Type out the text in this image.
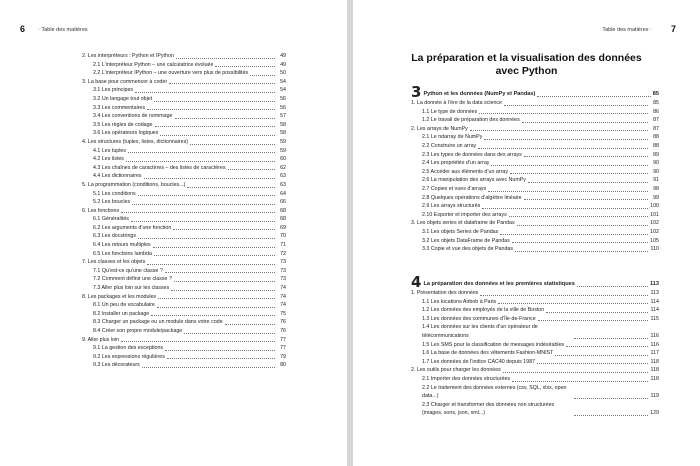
6 ◦ Table des matières
2. Les interpréteurs : Python et IPython	49
2.1 L’interpréteur Python – une calculatrice évoluée	49
2.2 L’interpréteur IPython – une ouverture vers plus de possibilités	50
3. La base pour commencer à coder	54
3.1 Les principes	54
3.2 Un langage tout objet	56
3.3 Les commentaires	56
3.4 Les conventions de nommage	57
3.5 Les règles de codage	58
3.6 Les opérateurs logiques	58
4. Les structures (tuples, listes, dictionnaires)	59
4.1 Les tuples	59
4.2 Les listes	60
4.3 Les chaînes de caractères – des listes de caractères	62
4.4 Les dictionnaires	63
5. La programmation (conditions, boucles...)	63
5.1 Les conditions	64
5.2 Les boucles	66
6. Les fonctions	68
6.1 Généralités	68
6.2 Les arguments d’une fonction	69
6.3 Les docstrings	70
6.4 Les retours multiples	71
6.5 Les fonctions lambda	72
7. Les classes et les objets	73
7.1 Qu’est-ce qu’une classe ?	73
7.2 Comment définir une classe ?	73
7.3 Aller plus loin sur les classes	74
8. Les packages et les modules	74
8.1 Un peu de vocabulaire	74
8.2 Installer un package	75
8.3 Charger un package ou un module dans votre code	76
8.4 Créer son propre module/package	76
9. Aller plus loin	77
9.1 La gestion des exceptions	77
9.2 Les expressions régulières	79
9.3 Les décorateurs	80
Table des matières ◦ 7
La préparation et la visualisation des données
avec Python
3 Python et les données (NumPy et Pandas)	85
1. La donnée à l’ère de la data science	85
1.1 Le type de données	86
1.2 Le travail de préparation des données	87
2. Les arrays de NumPy	87
2.1 Le ndarray de NumPy	88
2.2 Construire un array	88
2.3 Les types de données dans des arrays	89
2.4 Les propriétés d’un array	90
2.5 Accéder aux éléments d’un array	90
2.6 La manipulation des arrays avec NumPy	91
2.7 Copies et vues d’arrays	98
2.8 Quelques opérations d’algèbre linéaire	99
2.9 Les arrays structurés	100
2.10 Exporter et importer des arrays	101
3. Les objets series et dataframe de Pandas	102
3.1 Les objets Series de Pandas	102
3.2 Les objets DataFrame de Pandas	105
3.3 Copie et vue des objets de Pandas	110
4 La préparation des données et les premières statistiques	113
1. Présentation des données	113
1.1 Les locations Airbnb à Paris	114
1.2 Les données des employés de la ville de Boston	114
1.3 Les données des communes d’Île-de-France	115
1.4 Les données sur les clients d’un opérateur de télécommunications	116
1.5 Les SMS pour la classification de messages indésirables	116
1.6 La base de données des vêtements Fashion-MNIST	117
1.7 Les données de l’indice CAC40 depuis 1987	118
2. Les outils pour charger les données	118
2.1 Importer des données structurées	118
2.2 Le traitement des données externes (csv, SQL, xlsx, open data...)	119
2.3 Charger et transformer des données non structurées (images, sons, json, xml...)	129
